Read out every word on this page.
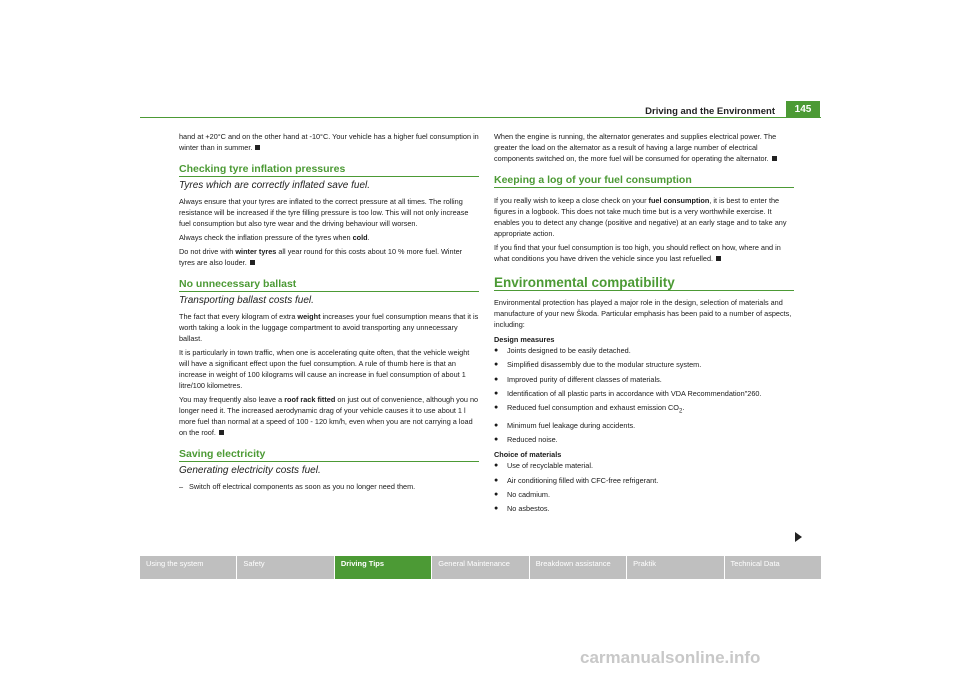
Driving and the Environment	145

hand at +20°C and on the other hand at -10°C. Your vehicle has a higher fuel consumption in winter than in summer.

Checking tyre inflation pressures
Tyres which are correctly inflated save fuel.

Always ensure that your tyres are inflated to the correct pressure at all times. The rolling resistance will be increased if the tyre filling pressure is too low. This will not only increase fuel consumption but also tyre wear and the driving behaviour will worsen.

Always check the inflation pressure of the tyres when cold.

Do not drive with winter tyres all year round for this costs about 10 % more fuel. Winter tyres are also louder.

No unnecessary ballast
Transporting ballast costs fuel.

The fact that every kilogram of extra weight increases your fuel consumption means that it is worth taking a look in the luggage compartment to avoid transporting any unnecessary ballast.

It is particularly in town traffic, when one is accelerating quite often, that the vehicle weight will have a significant effect upon the fuel consumption. A rule of thumb here is that an increase in weight of 100 kilograms will cause an increase in fuel consumption of about 1 litre/100 kilometres.

You may frequently also leave a roof rack fitted on just out of convenience, although you no longer need it. The increased aerodynamic drag of your vehicle causes it to use about 1 l more fuel than normal at a speed of 100 - 120 km/h, even when you are not carrying a load on the roof.

Saving electricity
Generating electricity costs fuel.

– Switch off electrical components as soon as you no longer need them.

When the engine is running, the alternator generates and supplies electrical power. The greater the load on the alternator as a result of having a large number of electrical components switched on, the more fuel will be consumed for operating the alternator.

Keeping a log of your fuel consumption

If you really wish to keep a close check on your fuel consumption, it is best to enter the figures in a logbook. This does not take much time but is a very worthwhile exercise. It enables you to detect any change (positive and negative) at an early stage and to take any appropriate action.

If you find that your fuel consumption is too high, you should reflect on how, where and in what conditions you have driven the vehicle since you last refuelled.

Environmental compatibility

Environmental protection has played a major role in the design, selection of materials and manufacture of your new Škoda. Particular emphasis has been paid to a number of aspects, including:

Design measures
● Joints designed to be easily detached.
● Simplified disassembly due to the modular structure system.
● Improved purity of different classes of materials.
● Identification of all plastic parts in accordance with VDA Recommendation"260.
● Reduced fuel consumption and exhaust emission $CO_2$.
● Minimum fuel leakage during accidents.
● Reduced noise.
Choice of materials
● Use of recyclable material.
● Air conditioning filled with CFC-free refrigerant.
● No cadmium.
● No asbestos.
Using the system	Safety	Driving Tips	General Maintenance	Breakdown assistance	Praktik	Technical Data
carmanualsonline.info
